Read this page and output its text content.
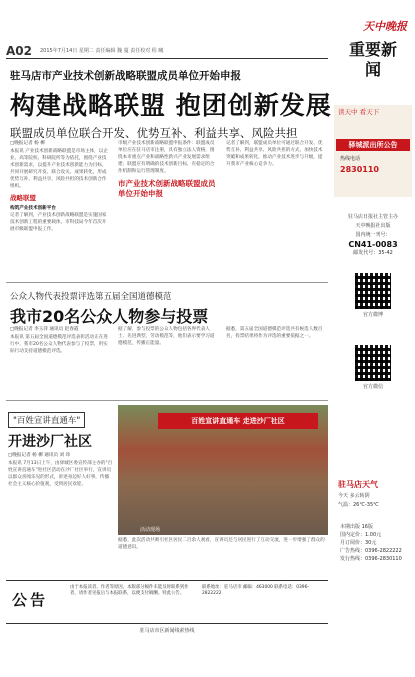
A02 2015年7月14日 星期二 责任编辑 魏 蔓 责任校对 程 曦
天中晚报
重要新闻
驻马店市产业技术创新战略联盟成员单位开始申报
构建战略联盟 抱团创新发展
联盟成员单位联合开发、优势互补、利益共享、风险共担
□晚报记者 杨 柳
本报讯 产业技术创新战略联盟是市场主体，以企业、高等院校、科研院所等为依托，围绕产业技术创新需求，以提升产业技术创新能力为目标，共同开展研究开发、联合攻关、成果转化，形成优势互补、利益共享、风险共担的技术创新合作组织。
战略联盟
构筑产业技术创新平台
记者了解到，产业技术创新战略联盟是实施国家技术创新工程的重要载体，市科技局今年首次开展市级联盟申报工作。
市级产业技术创新战略联盟申报条件：联盟成员单位应在驻马店市注册，具有独立法人资格，围绕本市重点产业和战略性新兴产业发展需求组建；联盟应有明确的技术创新目标，有稳定的合作机制和运行管理制度。
市产业技术创新战略联盟成员单位开始申报
记者了解到，联盟成员单位可通过联合开发、优势互补、利益共享、风险共担的方式，加快技术突破和成果转化，推动产业技术进步与升级，提升我市产业核心竞争力。
公众人物代表投票评选第五届全国道德模范
我市20名公众人物参与投票
□晚报记者 李玉萍 通讯员 赵春霞
本报讯 第五届全国道德模范评选表彰活动正在进行中，我市20名公众人物代表参与了投票，用实际行动支持道德模范评选。
据了解，参与投票的公众人物包括各界代表人士、先进典型、劳动模范等，他们表示要学习道德模范，传播正能量。
据悉，第五届全国道德模范评选共有候选人数百名，投票结果将作为评选的重要依据之一。
"百姓宣讲直通车"
开进沙厂社区
□晚报记者 杨 柳 通讯员 刘 珍
本报讯 7月13日上午，由驿城区委宣传部主办的"百姓宣讲直通车"进社区活动在沙厂社区举行，宣讲员以群众喜闻乐见的形式，讲述身边好人好事，传播社会主义核心价值观，受到居民欢迎。
百姓宣讲直通车 走进沙厂社区
活动现场
据悉，此次活动共吸引社区居民二百余人观看，宣讲员还与居民进行了互动交流，进一步增强了群众的道德意识。
公告
由于本报读者、作者等原因，本版部分稿件未能及时联系到作者，请作者见报后与本报联系，以便支付稿酬。特此公告。
联系地址：驻马店市 邮编：463000 联系电话：0396-2822222
驻马店市区新闻线索热线
读天中 看天下
驿城派出所公告
热线电话
2830110
驻马店日报社主管主办
天中晚报社出版
国内统一刊号：
CN41-0083
邮发代号：35-42
官方微博
官方微信
驻马店天气
今天 多云转阴
气温：26℃-35℃
本期出版 16版
国内定价：1.00元
月订阅价：30元
广告热线：0396-2822222
发行热线：0396-2830110
